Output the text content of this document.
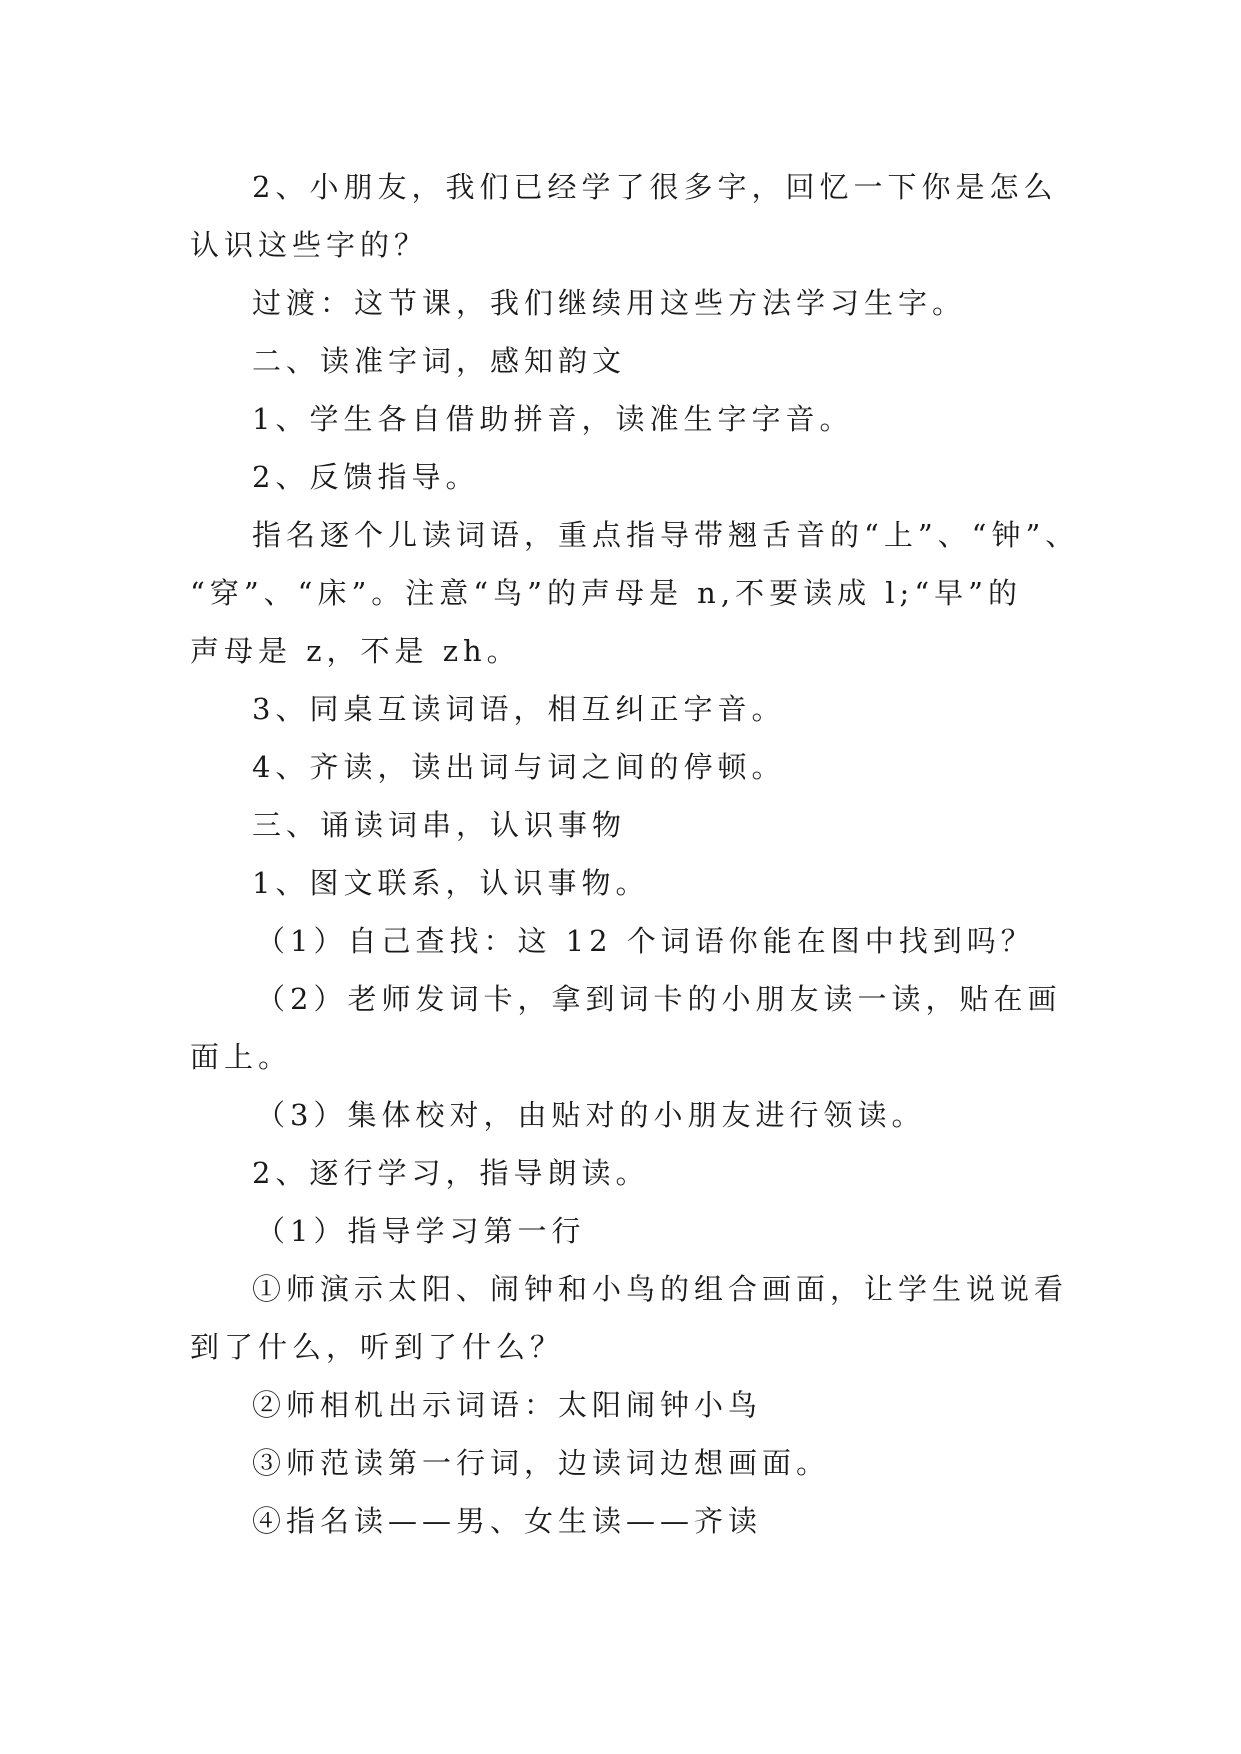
2、小朋友，我们已经学了很多字，回忆一下你是怎么

认识这些字的？

过渡：这节课，我们继续用这些方法学习生字。

二、读准字词，感知韵文

1、学生各自借助拼音，读准生字字音。

2、反馈指导。

指名逐个儿读词语，重点指导带翘舌音的“上”、“钟”、

“穿”、“床”。注意“鸟”的声母是 n,不要读成 l;“早”的

声母是 z，不是 zh。

3、同桌互读词语，相互纠正字音。

4、齐读，读出词与词之间的停顿。

三、诵读词串，认识事物

1、图文联系，认识事物。

（1）自己查找：这 12 个词语你能在图中找到吗？

（2）老师发词卡，拿到词卡的小朋友读一读，贴在画

面上。

（3）集体校对，由贴对的小朋友进行领读。

2、逐行学习，指导朗读。

（1）指导学习第一行

①师演示太阳、闹钟和小鸟的组合画面，让学生说说看

到了什么，听到了什么？

②师相机出示词语：太阳闹钟小鸟

③师范读第一行词，边读词边想画面。

④指名读——男、女生读——齐读
